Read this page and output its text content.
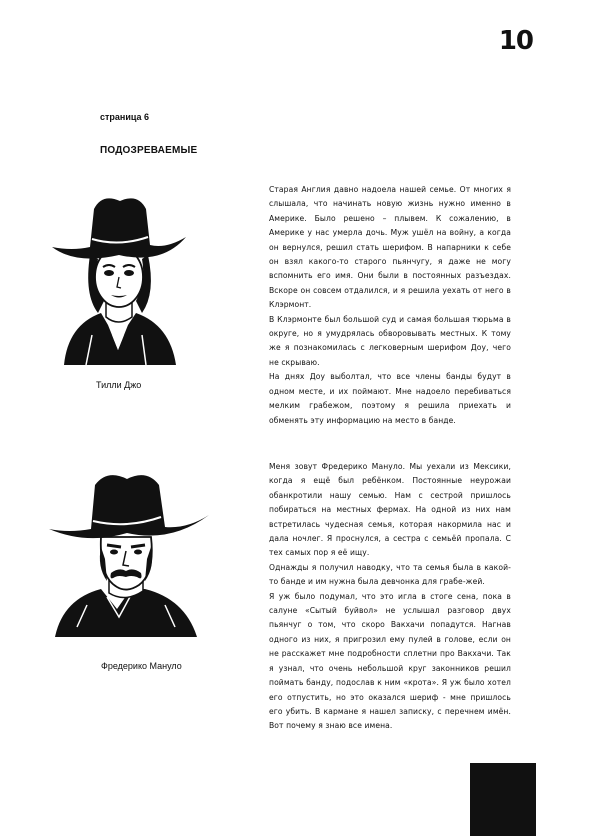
10
страница 6
ПОДОЗРЕВАЕМЫЕ
Тилли Джо

Старая Англия давно надоела нашей семье. От многих я слышала, что начинать новую жизнь нужно именно в Америке. Было решено – плывем. К сожалению, в Америке у нас умерла дочь. Муж ушёл на войну, а когда он вернулся, решил стать шерифом. В напарники к себе он взял какого-то старого пьянчугу, я даже не могу вспомнить его имя. Они были в постоянных разъездах. Вскоре он совсем отдалился, и я решила уехать от него в Клэрмонт.

В Клэрмонте был большой суд и самая большая тюрьма в округе, но я умудрялась обворовывать местных. К тому же я познакомилась с легковерным шерифом Доу, чего не скрываю.

На днях Доу выболтал, что все члены банды будут в одном месте, и их поймают. Мне надоело перебиваться мелким грабежом, поэтому я решила приехать и обменять эту информацию на место в банде.

Фредерико Мануло

Меня зовут Фредерико Мануло. Мы уехали из Мексики, когда я ещё был ребёнком. Постоянные неурожаи обанкротили нашу семью. Нам с сестрой пришлось побираться на местных фермах. На одной из них нам встретилась чудесная семья, которая накормила нас и дала ночлег. Я проснулся, а сестра с семьёй пропала. С тех самых пор я её ищу.

Однажды я получил наводку, что та семья была в какой-то банде и им нужна была девчонка для грабе-жей.

Я уж было подумал, что это игла в стоге сена, пока в салуне «Сытый буйвол» не услышал разговор двух пьянчуг о том, что скоро Вакхачи попадутся. Нагнав одного из них, я пригрозил ему пулей в голове, если он не расскажет мне подробности сплетни про Вакхачи. Так я узнал, что очень небольшой круг законников решил поймать банду, подослав к ним «крота». Я уж было хотел его отпустить, но это оказался шериф - мне пришлось его убить. В кармане я нашел записку, с перечнем имён. Вот почему я знаю все имена.
